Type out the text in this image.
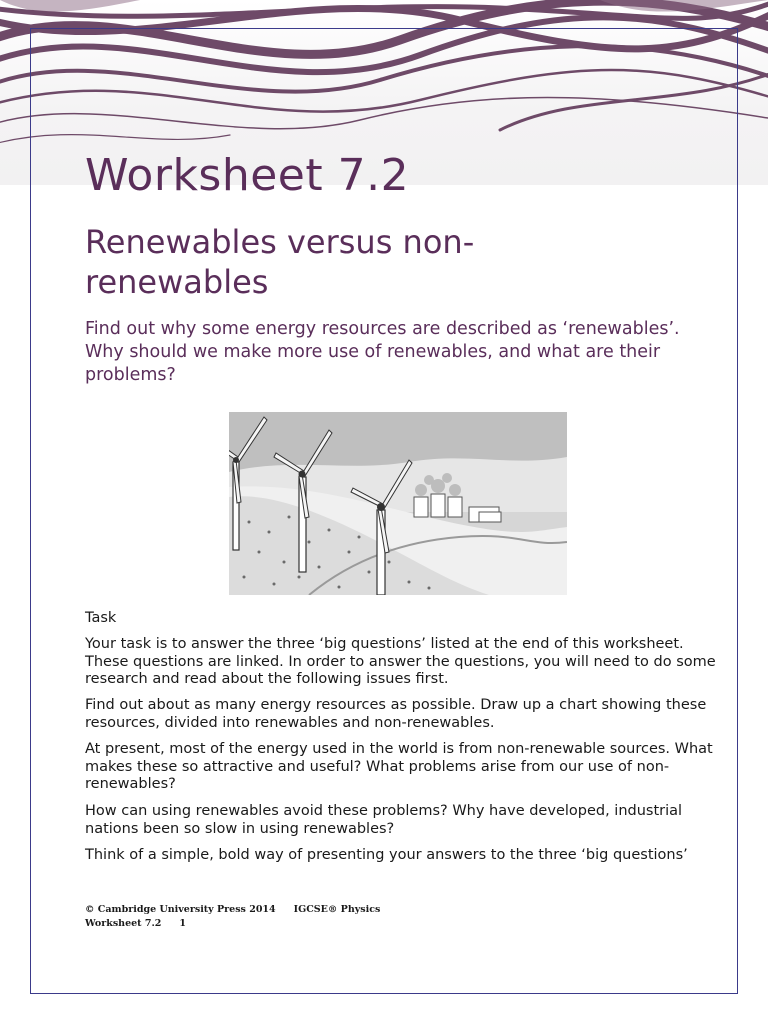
Worksheet 7.2
Renewables versus non-renewables

Find out why some energy resources are described as ‘renewables’. Why should we make more use of renewables, and what are their problems?

Task

Your task is to answer the three ‘big questions’ listed at the end of this worksheet. These questions are linked. In order to answer the questions, you will need to do some research and read about the following issues first.

Find out about as many energy resources as possible. Draw up a chart showing these resources, divided into renewables and non-renewables.

At present, most of the energy used in the world is from non-renewable sources. What makes these so attractive and useful? What problems arise from our use of non-renewables?

How can using renewables avoid these problems? Why have developed, industrial nations been so slow in using renewables?

Think of a simple, bold way of presenting your answers to the three ‘big questions’

© Cambridge University Press 2014 IGCSE® Physics
Worksheet 7.2 1
